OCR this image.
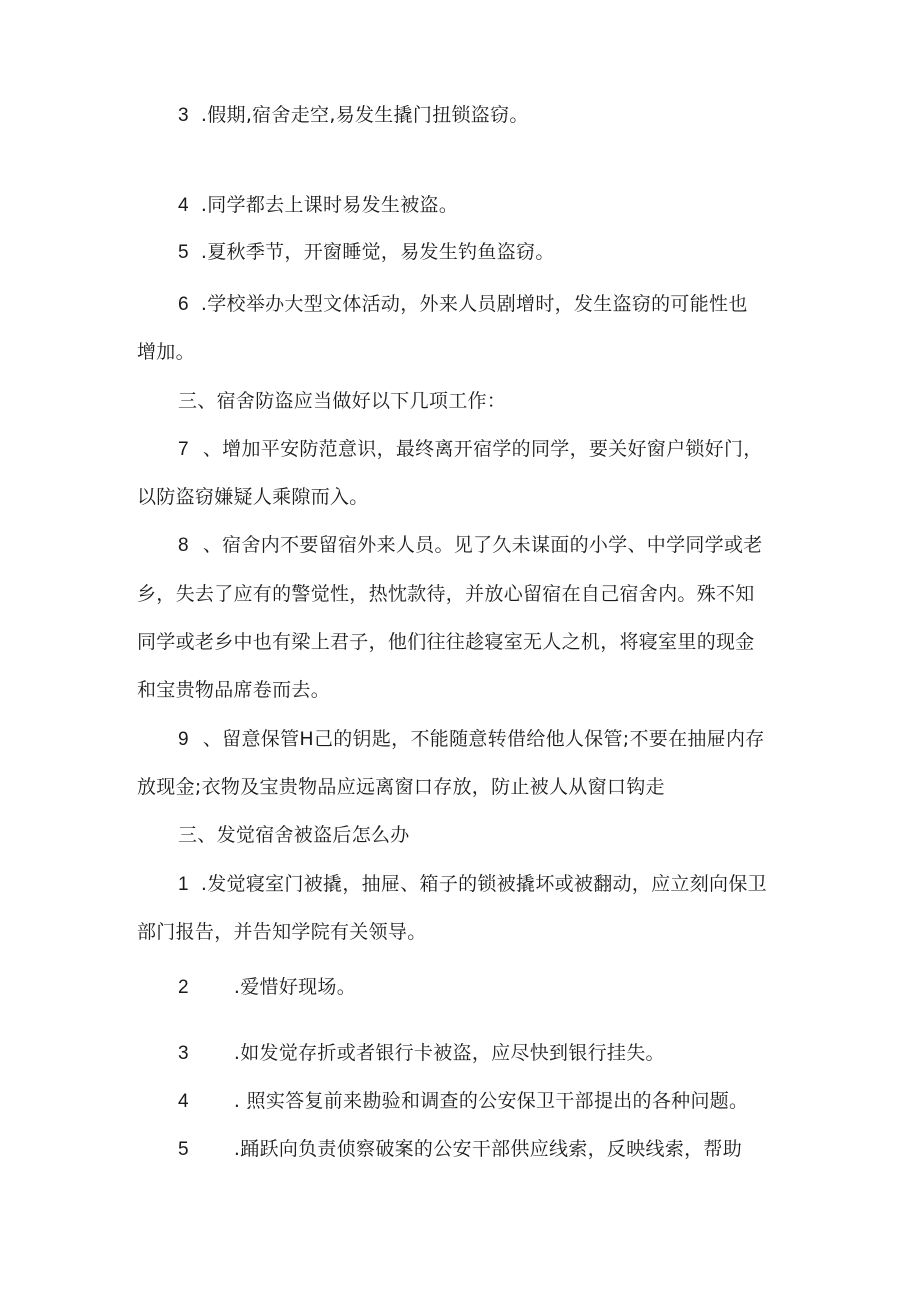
3 .假期,宿舍走空,易发生撬门扭锁盗窃。
4 .同学都去上课时易发生被盗。
5 .夏秋季节，开窗睡觉，易发生钓鱼盗窃。
6 .学校举办大型文体活动，外来人员剧增时，发生盗窃的可能性也
增加。
三、宿舍防盗应当做好以下几项工作：
7 、增加平安防范意识，最终离开宿学的同学，要关好窗户锁好门，
以防盗窃嫌疑人乘隙而入。
8 、宿舍内不要留宿外来人员。见了久未谋面的小学、中学同学或老
乡，失去了应有的警觉性，热忱款待，并放心留宿在自己宿舍内。殊不知
同学或老乡中也有梁上君子，他们往往趁寝室无人之机，将寝室里的现金
和宝贵物品席卷而去。
9 、留意保管H己的钥匙，不能随意转借给他人保管;不要在抽屉内存
放现金;衣物及宝贵物品应远离窗口存放，防止被人从窗口钩走
三、发觉宿舍被盗后怎么办
1 .发觉寝室门被撬，抽屉、箱子的锁被撬坏或被翻动，应立刻向保卫
部门报告，并告知学院有关领导。
2 .爱惜好现场。
3 .如发觉存折或者银行卡被盗，应尽快到银行挂失。
4 . 照实答复前来勘验和调查的公安保卫干部提出的各种问题。
5 .踊跃向负责侦察破案的公安干部供应线索，反映线索，帮助
